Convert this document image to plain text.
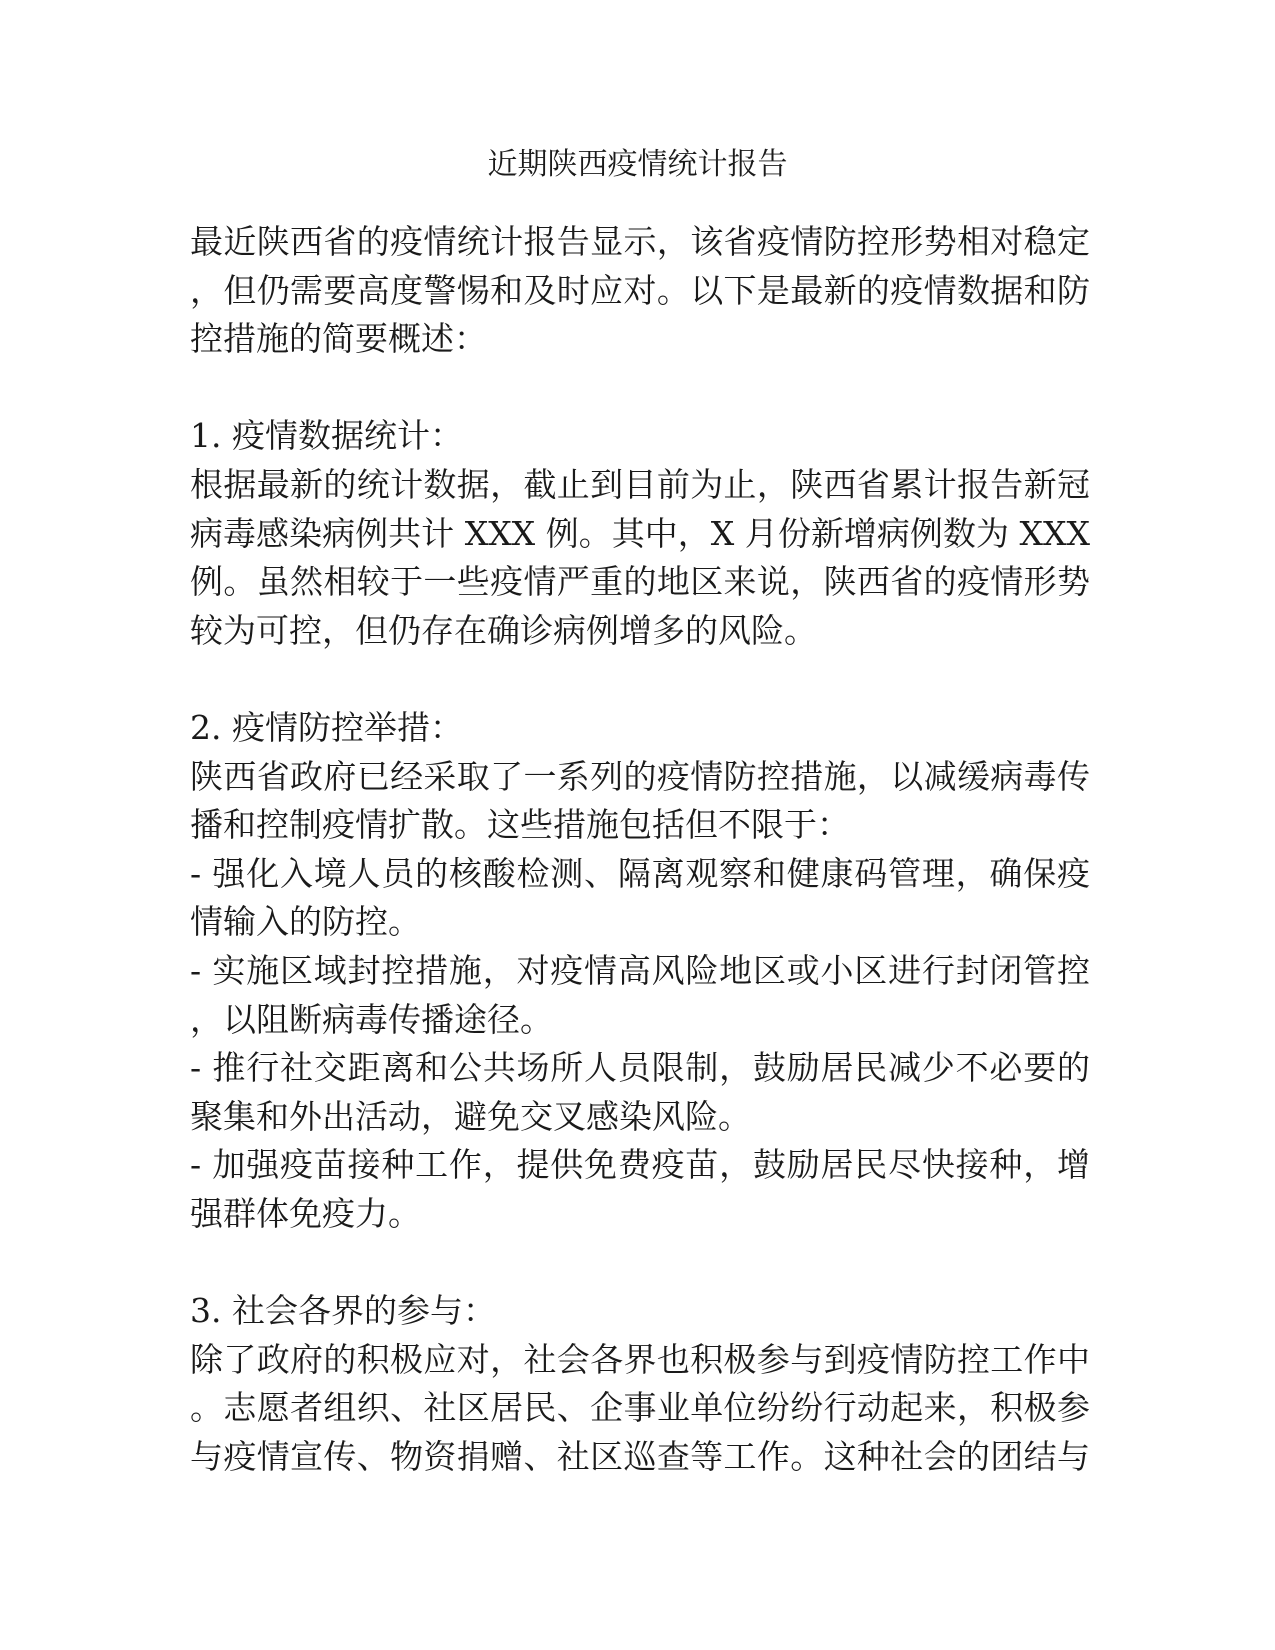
近期陕西疫情统计报告
最近陕西省的疫情统计报告显示，该省疫情防控形势相对稳定
，但仍需要高度警惕和及时应对。以下是最新的疫情数据和防
控措施的简要概述：
1. 疫情数据统计：
根据最新的统计数据，截止到目前为止，陕西省累计报告新冠
病毒感染病例共计 XXX 例。其中，X 月份新增病例数为 XXX
例。虽然相较于一些疫情严重的地区来说，陕西省的疫情形势
较为可控，但仍存在确诊病例增多的风险。
2. 疫情防控举措：
陕西省政府已经采取了一系列的疫情防控措施，以减缓病毒传
播和控制疫情扩散。这些措施包括但不限于：
- 强化入境人员的核酸检测、隔离观察和健康码管理，确保疫
情输入的防控。
- 实施区域封控措施，对疫情高风险地区或小区进行封闭管控
，以阻断病毒传播途径。
- 推行社交距离和公共场所人员限制，鼓励居民减少不必要的
聚集和外出活动，避免交叉感染风险。
- 加强疫苗接种工作，提供免费疫苗，鼓励居民尽快接种，增
强群体免疫力。
3. 社会各界的参与：
除了政府的积极应对，社会各界也积极参与到疫情防控工作中
。志愿者组织、社区居民、企事业单位纷纷行动起来，积极参
与疫情宣传、物资捐赠、社区巡查等工作。这种社会的团结与
